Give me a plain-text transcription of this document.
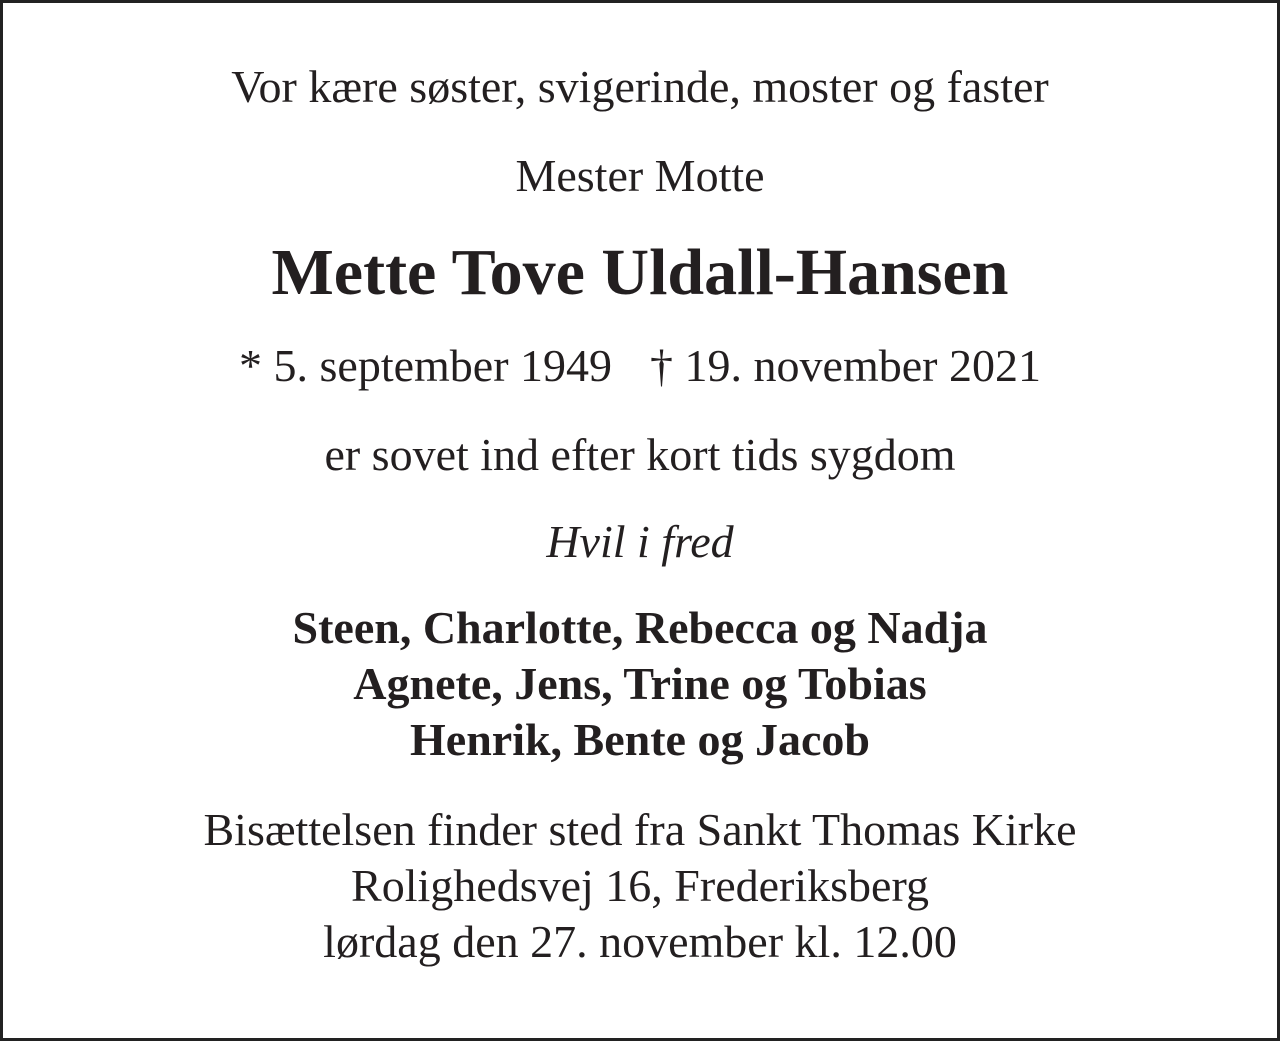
Vor kære søster, svigerinde, moster og faster

Mester Motte

Mette Tove Uldall-Hansen

* 5. september 1949 † 19. november 2021

er sovet ind efter kort tids sygdom

Hvil i fred

Steen, Charlotte, Rebecca og Nadja
Agnete, Jens, Trine og Tobias
Henrik, Bente og Jacob
Bisættelsen finder sted fra Sankt Thomas Kirke
Rolighedsvej 16, Frederiksberg
lørdag den 27. november kl. 12.00
